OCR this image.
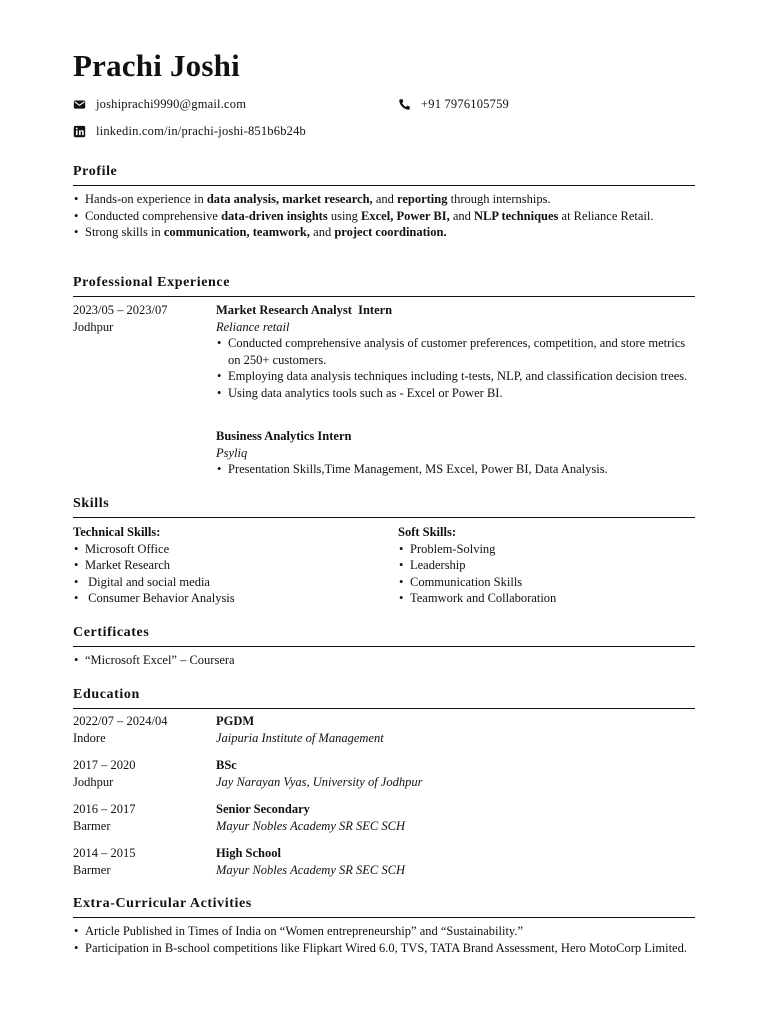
Prachi Joshi
joshiprachi9990@gmail.com	+91 7976105759
linkedin.com/in/prachi-joshi-851b6b24b
Profile
• Hands-on experience in data analysis, market research, and reporting through internships.
• Conducted comprehensive data-driven insights using Excel, Power BI, and NLP techniques at Reliance Retail.
• Strong skills in communication, teamwork, and project coordination.
Professional Experience
2023/05 – 2023/07
Jodhpur
Market Research Analyst  Intern
Reliance retail
• Conducted comprehensive analysis of customer preferences, competition, and store metrics on 250+ customers.
• Employing data analysis techniques including t-tests, NLP, and classification decision trees.
• Using data analytics tools such as - Excel or Power BI.
Business Analytics Intern
Psyliq
• Presentation Skills,Time Management, MS Excel, Power BI, Data Analysis.
Skills
Technical Skills:
• Microsoft Office
• Market Research
•  Digital and social media
•  Consumer Behavior Analysis
Soft Skills:
• Problem-Solving
• Leadership
• Communication Skills
• Teamwork and Collaboration
Certificates
• “Microsoft Excel” – Coursera
Education
2022/07 – 2024/04
Indore
PGDM
Jaipuria Institute of Management
2017 – 2020
Jodhpur
BSc
Jay Narayan Vyas, University of Jodhpur
2016 – 2017
Barmer
Senior Secondary
Mayur Nobles Academy SR SEC SCH
2014 – 2015
Barmer
High School
Mayur Nobles Academy SR SEC SCH
Extra-Curricular Activities
• Article Published in Times of India on “Women entrepreneurship” and “Sustainability.”
• Participation in B-school competitions like Flipkart Wired 6.0, TVS, TATA Brand Assessment, Hero MotoCorp Limited.
